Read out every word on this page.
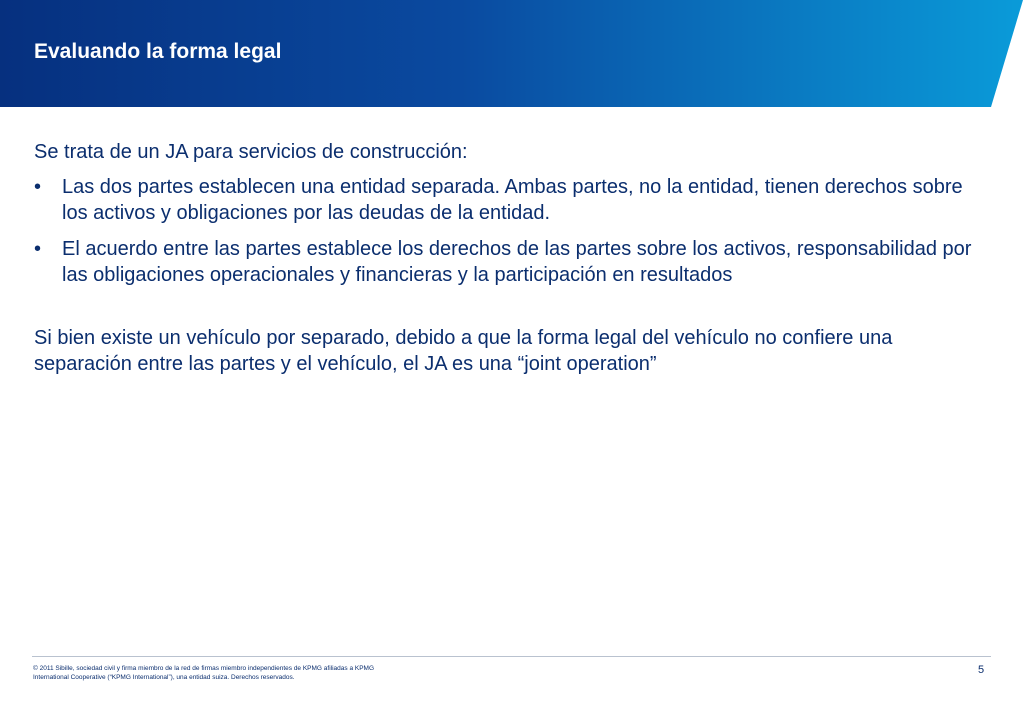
Evaluando la forma legal

Se trata de un JA para servicios de construcción:

• Las dos partes establecen una entidad separada. Ambas partes, no la entidad, tienen derechos sobre los activos y obligaciones por las deudas de la entidad.
• El acuerdo entre las partes establece los derechos de las partes sobre los activos, responsabilidad por las obligaciones operacionales y financieras y la participación en resultados

Si bien existe un vehículo por separado, debido a que la forma legal del vehículo no confiere una separación entre las partes y el vehículo, el JA es una “joint operation”

© 2011 Sibille, sociedad civil y firma miembro de la red de firmas miembro independientes de KPMG afiliadas a KPMG
International Cooperative (“KPMG International”), una entidad suiza. Derechos reservados.
5
